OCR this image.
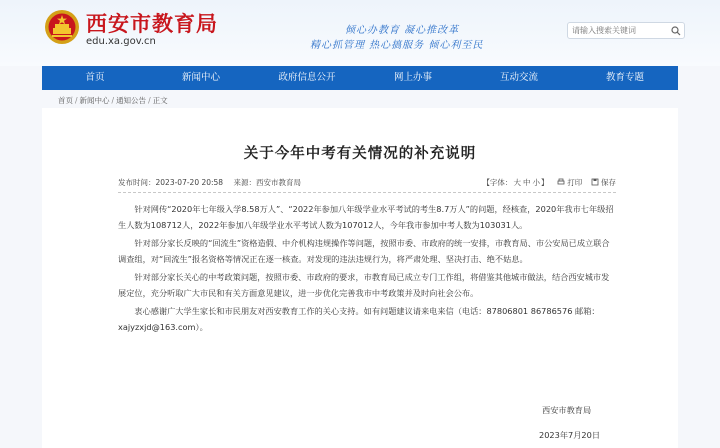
西安市教育局
edu.xa.gov.cn
倾心办教育 凝心推改革
精心抓管理 热心搞服务 倾心利至民
请输入搜索关键词
首页	新闻中心	政府信息公开	网上办事	互动交流	教育专题
首页 / 新闻中心 / 通知公告 / 正文
关于今年中考有关情况的补充说明
发布时间：2023-07-20 20:58 来源：西安市教育局	【字体：大 中 小】	打印	保存

针对网传“2020年七年级入学8.58万人”、“2022年参加八年级学业水平考试的考生8.7万人”的问题，经核查，2020年我市七年级招生人数为108712人，2022年参加八年级学业水平考试人数为107012人，今年我市参加中考人数为103031人。

针对部分家长反映的“回流生”资格造假、中介机构违规操作等问题，按照市委、市政府的统一安排，市教育局、市公安局已成立联合调查组，对“回流生”报名资格等情况正在逐一核查。对发现的违法违规行为，将严肃处理、坚决打击、绝不姑息。

针对部分家长关心的中考政策问题，按照市委、市政府的要求，市教育局已成立专门工作组，将借鉴其他城市做法，结合西安城市发展定位，充分听取广大市民和有关方面意见建议，进一步优化完善我市中考政策并及时向社会公布。

衷心感谢广大学生家长和市民朋友对西安教育工作的关心支持。如有问题建议请来电来信（电话：87806801 86786576 邮箱：xajyzxjd@163.com）。

西安市教育局
2023年7月20日
